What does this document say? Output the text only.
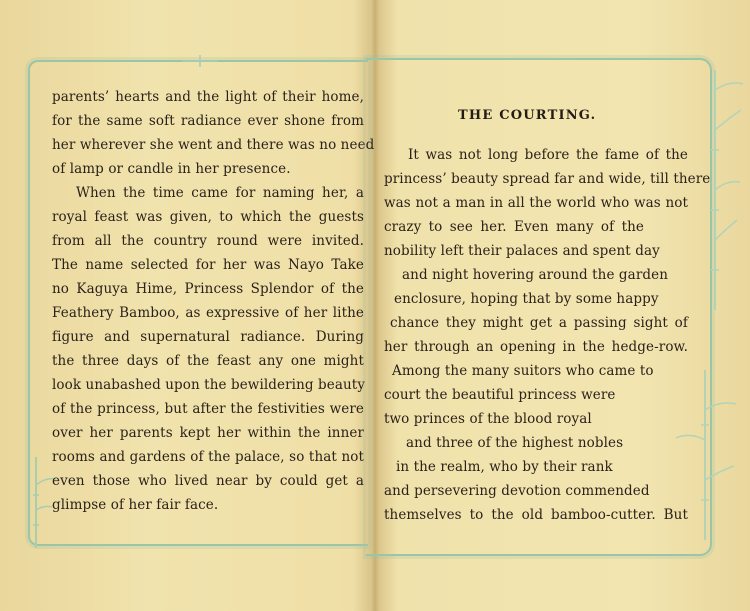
parents’ hearts and the light of their home,
for the same soft radiance ever shone from
her wherever she went and there was no need
of lamp or candle in her presence.
When the time came for naming her, a
royal feast was given, to which the guests
from all the country round were invited.
The name selected for her was Nayo Take
no Kaguya Hime, Princess Splendor of the
Feathery Bamboo, as expressive of her lithe
figure and supernatural radiance. During
the three days of the feast any one might
look unabashed upon the bewildering beauty
of the princess, but after the festivities were
over her parents kept her within the inner
rooms and gardens of the palace, so that not
even those who lived near by could get a
glimpse of her fair face.
THE COURTING.
It was not long before the fame of the
princess’ beauty spread far and wide, till there
was not a man in all the world who was not
crazy to see her. Even many of the
nobility left their palaces and spent day
and night hovering around the garden
enclosure, hoping that by some happy
chance they might get a passing sight of
her through an opening in the hedge-row.
Among the many suitors who came to
court the beautiful princess were
two princes of the blood royal
and three of the highest nobles
in the realm, who by their rank
and persevering devotion commended
themselves to the old bamboo-cutter. But
